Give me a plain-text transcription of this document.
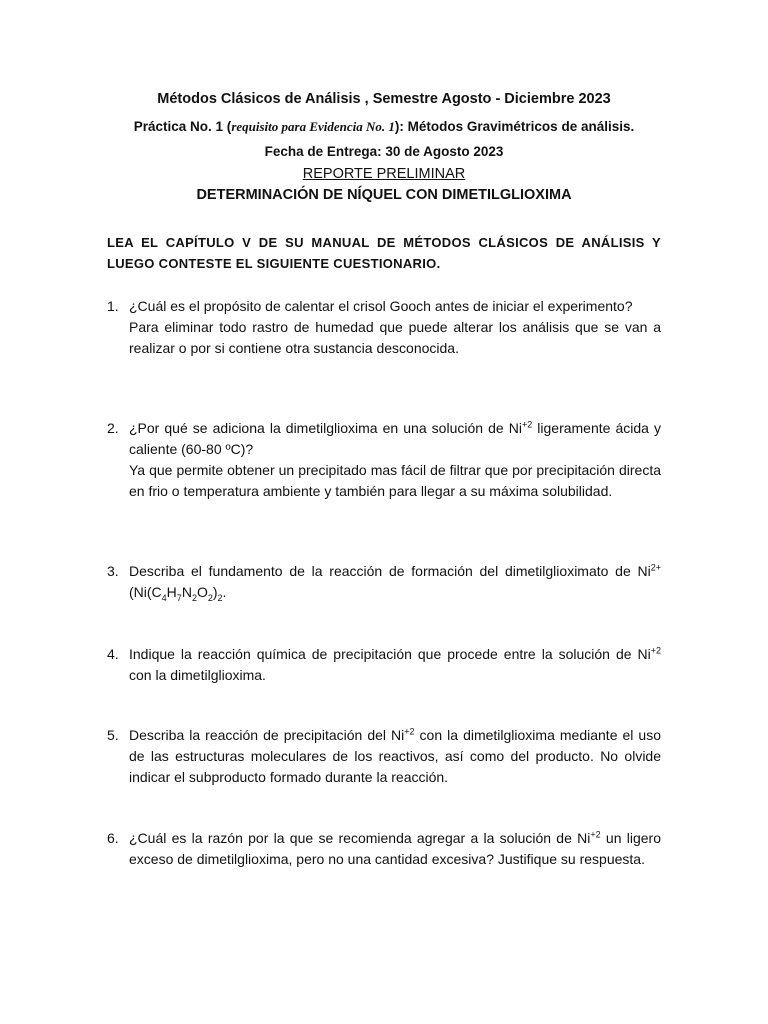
Métodos Clásicos de Análisis , Semestre Agosto - Diciembre 2023
Práctica No. 1 (requisito para Evidencia No. 1): Métodos Gravimétricos de análisis.
Fecha de Entrega: 30 de Agosto 2023
REPORTE PRELIMINAR
DETERMINACIÓN DE NÍQUEL CON DIMETILGLIOXIMA
LEA EL CAPÍTULO V DE SU MANUAL DE MÉTODOS CLÁSICOS DE ANÁLISIS Y LUEGO CONTESTE EL SIGUIENTE CUESTIONARIO.
1. ¿Cuál es el propósito de calentar el crisol Gooch antes de iniciar el experimento?

Para eliminar todo rastro de humedad que puede alterar los análisis que se van a realizar o por si contiene otra sustancia desconocida.

2. ¿Por qué se adiciona la dimetilglioxima en una solución de $Ni^{+2}$ ligeramente ácida y caliente (60-80 ºC)?

Ya que permite obtener un precipitado mas fácil de filtrar que por precipitación directa en frio o temperatura ambiente y también para llegar a su máxima solubilidad.

3. Describa el fundamento de la reacción de formación del dimetilglioximato de $Ni^{2+}$ ($Ni(C_4H_7N_2O_2)_2$.

4. Indique la reacción química de precipitación que procede entre la solución de $Ni^{+2}$ con la dimetilglioxima.

5. Describa la reacción de precipitación del $Ni^{+2}$ con la dimetilglioxima mediante el uso de las estructuras moleculares de los reactivos, así como del producto. No olvide indicar el subproducto formado durante la reacción.

6. ¿Cuál es la razón por la que se recomienda agregar a la solución de $Ni^{+2}$ un ligero exceso de dimetilglioxima, pero no una cantidad excesiva? Justifique su respuesta.
